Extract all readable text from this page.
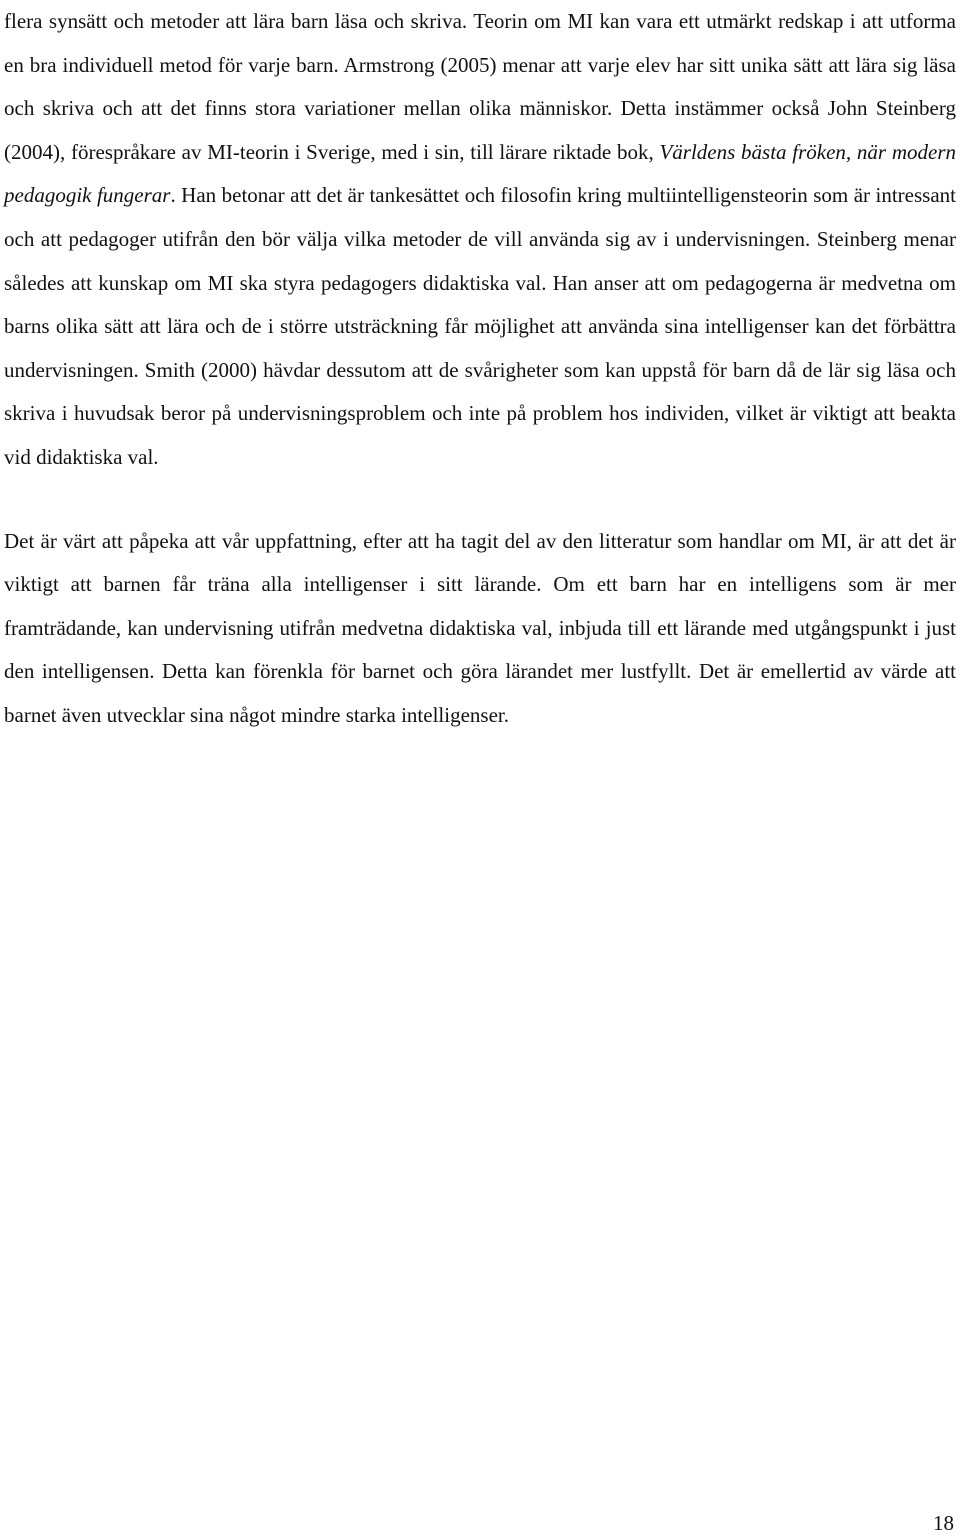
flera synsätt och metoder att lära barn läsa och skriva. Teorin om MI kan vara ett utmärkt redskap i att utforma en bra individuell metod för varje barn. Armstrong (2005) menar att varje elev har sitt unika sätt att lära sig läsa och skriva och att det finns stora variationer mellan olika människor. Detta instämmer också John Steinberg (2004), förespråkare av MI-teorin i Sverige, med i sin, till lärare riktade bok, Världens bästa fröken, när modern pedagogik fungerar. Han betonar att det är tankesättet och filosofin kring multiintelligensteorin som är intressant och att pedagoger utifrån den bör välja vilka metoder de vill använda sig av i undervisningen. Steinberg menar således att kunskap om MI ska styra pedagogers didaktiska val. Han anser att om pedagogerna är medvetna om barns olika sätt att lära och de i större utsträckning får möjlighet att använda sina intelligenser kan det förbättra undervisningen. Smith (2000) hävdar dessutom att de svårigheter som kan uppstå för barn då de lär sig läsa och skriva i huvudsak beror på undervisningsproblem och inte på problem hos individen, vilket är viktigt att beakta vid didaktiska val.

Det är värt att påpeka att vår uppfattning, efter att ha tagit del av den litteratur som handlar om MI, är att det är viktigt att barnen får träna alla intelligenser i sitt lärande. Om ett barn har en intelligens som är mer framträdande, kan undervisning utifrån medvetna didaktiska val, inbjuda till ett lärande med utgångspunkt i just den intelligensen. Detta kan förenkla för barnet och göra lärandet mer lustfyllt. Det är emellertid av värde att barnet även utvecklar sina något mindre starka intelligenser.

18
